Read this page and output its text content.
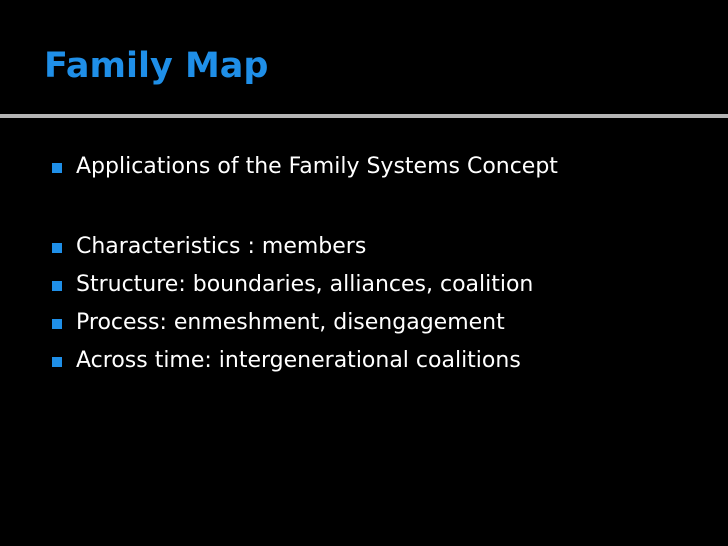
Family Map
Applications of the Family Systems Concept
Characteristics : members
Structure: boundaries, alliances, coalition
Process: enmeshment, disengagement
Across time: intergenerational coalitions
